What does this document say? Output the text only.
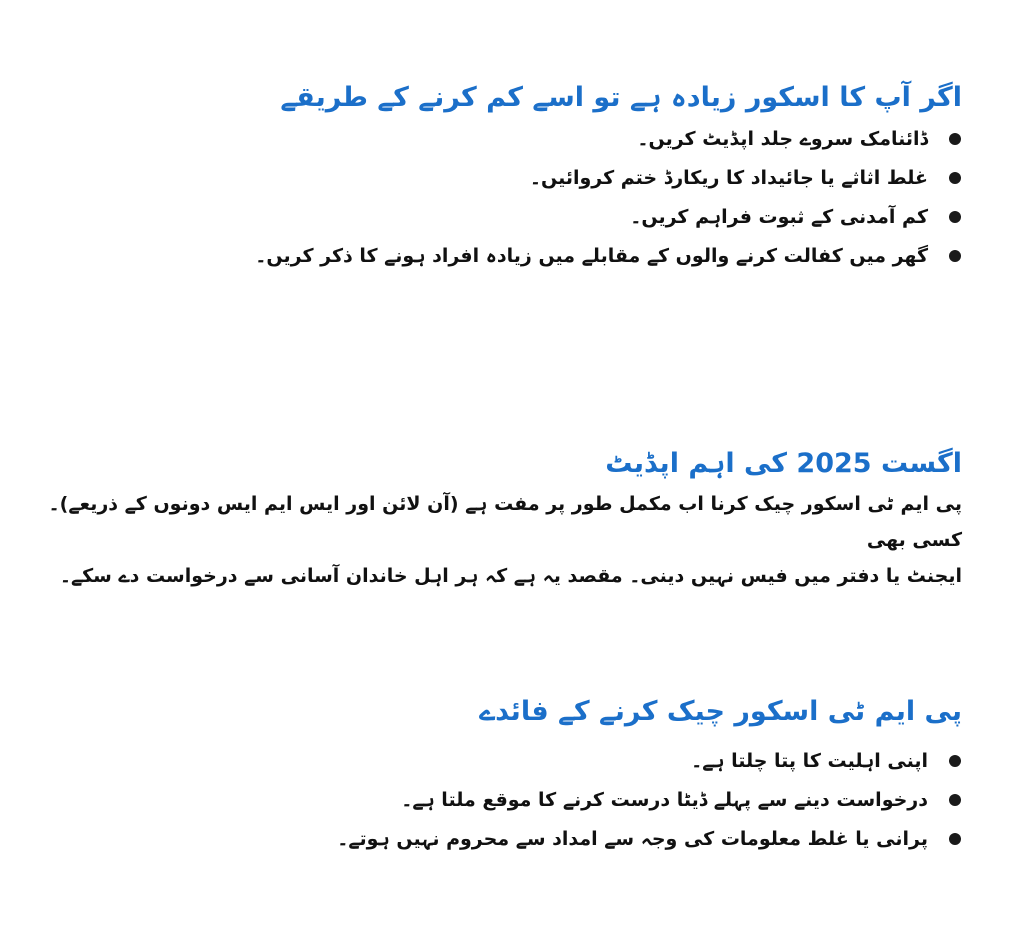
اگر آپ کا اسکور زیادہ ہے تو اسے کم کرنے کے طریقے
ڈائنامک سروے جلد اپڈیٹ کریں۔
غلط اثاثے یا جائیداد کا ریکارڈ ختم کروائیں۔
کم آمدنی کے ثبوت فراہم کریں۔
گھر میں کفالت کرنے والوں کے مقابلے میں زیادہ افراد ہونے کا ذکر کریں۔
اگست 2025 کی اہم اپڈیٹ

پی ایم ٹی اسکور چیک کرنا اب مکمل طور پر مفت ہے (آن لائن اور ایس ایم ایس دونوں کے ذریعے)۔ کسی بھی
ایجنٹ یا دفتر میں فیس نہیں دینی۔ مقصد یہ ہے کہ ہر اہل خاندان آسانی سے درخواست دے سکے۔

پی ایم ٹی اسکور چیک کرنے کے فائدے
اپنی اہلیت کا پتا چلتا ہے۔
درخواست دینے سے پہلے ڈیٹا درست کرنے کا موقع ملتا ہے۔
پرانی یا غلط معلومات کی وجہ سے امداد سے محروم نہیں ہوتے۔
